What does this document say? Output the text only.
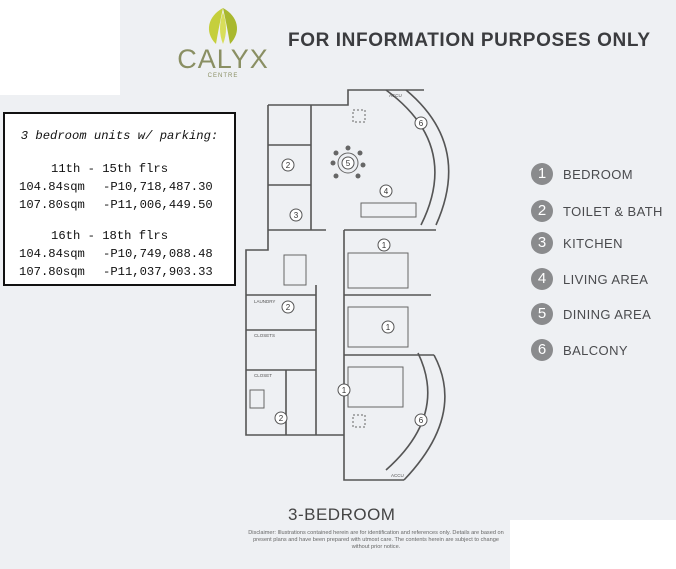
CALYX
CENTRE
FOR INFORMATION PURPOSES ONLY
3 bedroom units w/ parking:
11th - 15th flrs
104.84sqm -P10,718,487.30
107.80sqm -P11,006,449.50
16th - 18th flrs
104.84sqm -P10,749,088.48
107.80sqm -P11,037,903.33
1	BEDROOM
2	TOILET & BATH
3	KITCHEN
4	LIVING AREA
5	DINING AREA
6	BALCONY
6
5
4
3
2
1
1
2
1
2	6
ACCU
ACCU
LAUNDRY
CLOSETS
CLOSET
3-BEDROOM
Disclaimer: Illustrations contained herein are for identification and references only. Details are based on present plans and have been prepared with utmost care. The contents herein are subject to change without prior notice.
